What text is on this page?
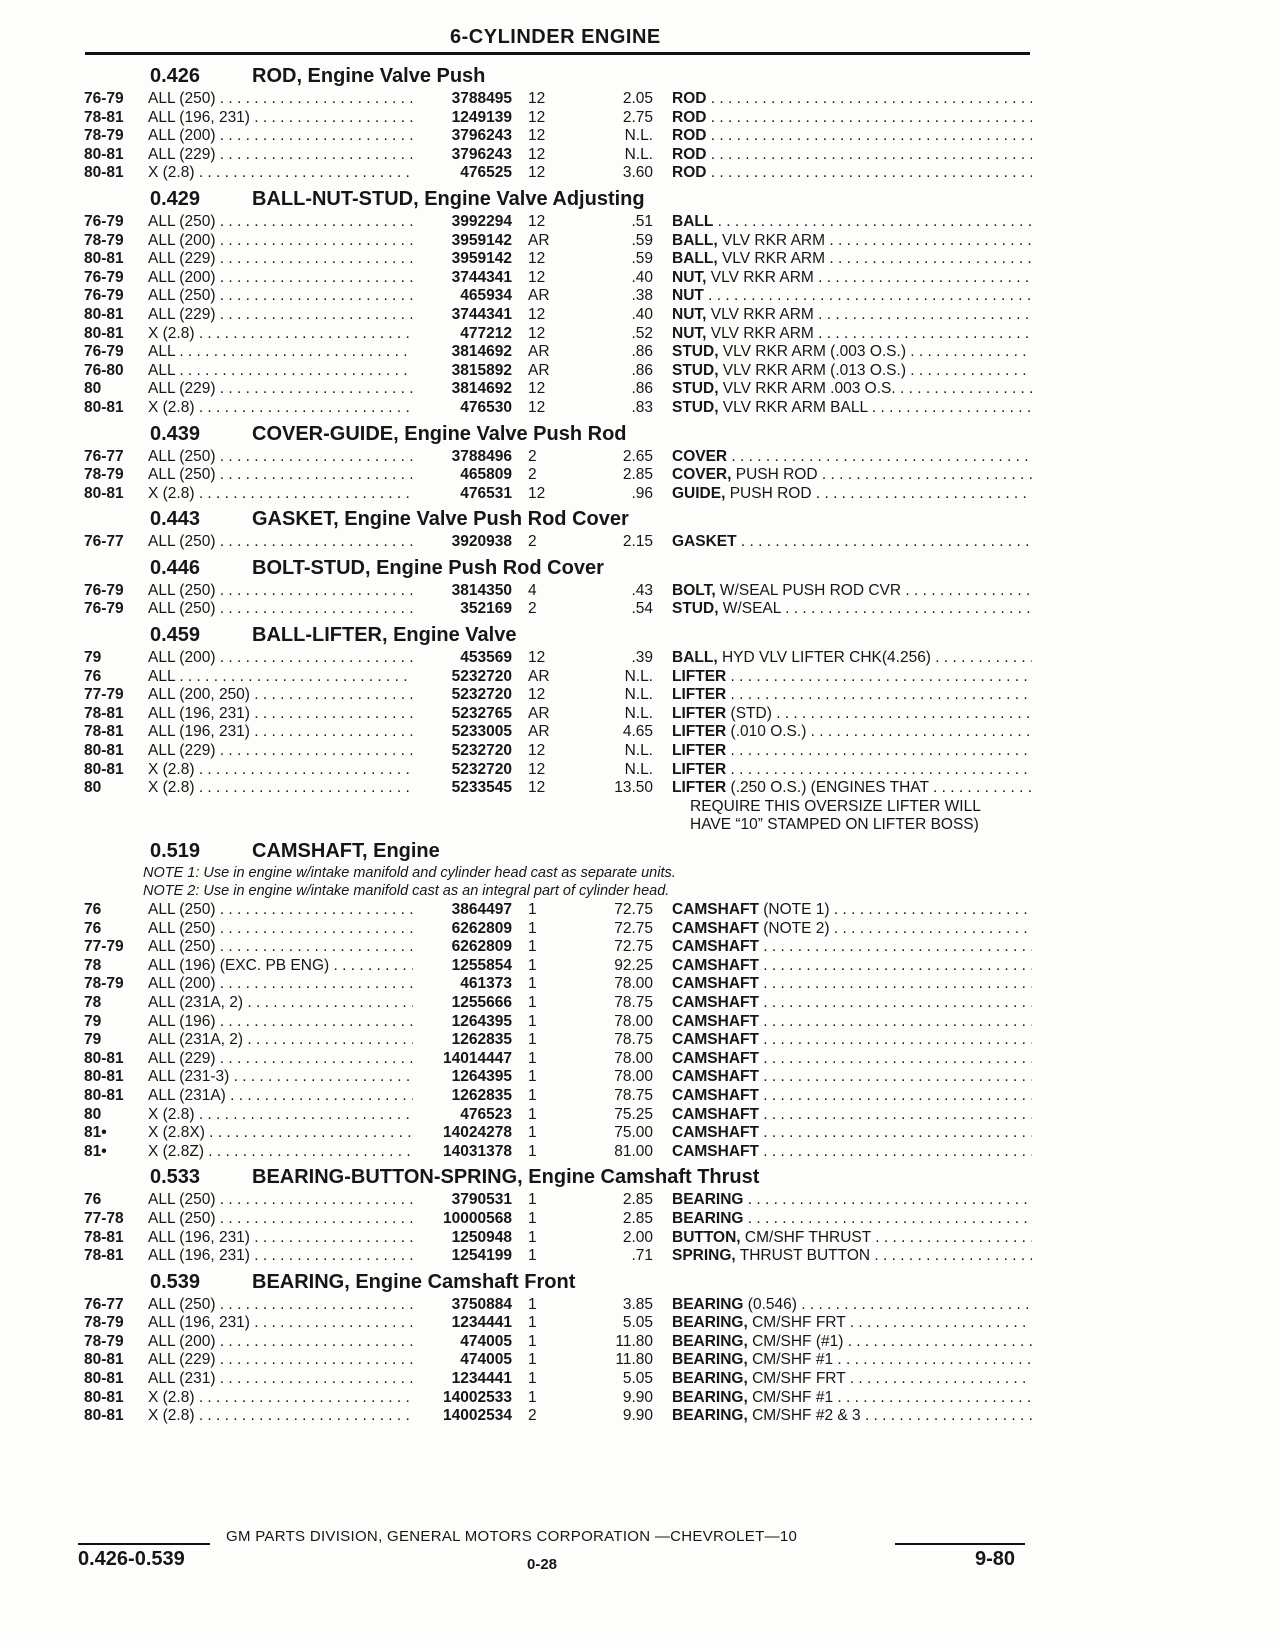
6-CYLINDER ENGINE
0.426	ROD, Engine Valve Push
76-79 ALL (250) . . .	3788495 12	2.05 ROD . . .
78-81 ALL (196, 231) . . .	1249139 12	2.75 ROD . . .
78-79 ALL (200) . . .	3796243 12	N.L. ROD . . .
80-81 ALL (229) . . .	3796243 12	N.L. ROD . . .
80-81 X (2.8) . . .	476525 12	3.60 ROD . . .
0.429	BALL-NUT-STUD, Engine Valve Adjusting
76-79 ALL (250) . . .	3992294 12	.51 BALL . . .
78-79 ALL (200) . . .	3959142 AR	.59 BALL, VLV RKR ARM . . .
80-81 ALL (229) . . .	3959142 12	.59 BALL, VLV RKR ARM . . .
76-79 ALL (200) . . .	3744341 12	.40 NUT, VLV RKR ARM . . .
76-79 ALL (250) . . .	465934 AR	.38 NUT . . .
80-81 ALL (229) . . .	3744341 12	.40 NUT, VLV RKR ARM . . .
80-81 X (2.8) . . .	477212 12	.52 NUT, VLV RKR ARM . . .
76-79 ALL . . .	3814692 AR	.86 STUD, VLV RKR ARM (.003 O.S.) . . .
76-80 ALL . . .	3815892 AR	.86 STUD, VLV RKR ARM (.013 O.S.) . . .
80	ALL (229) . . .	3814692 12	.86 STUD, VLV RKR ARM .003 O.S. . . .
80-81 X (2.8) . . .	476530 12	.83 STUD, VLV RKR ARM BALL . . .
0.439	COVER-GUIDE, Engine Valve Push Rod
76-77 ALL (250) . . .	3788496 2	2.65 COVER . . .
78-79 ALL (250) . . .	465809 2	2.85 COVER, PUSH ROD . . .
80-81 X (2.8) . . .	476531 12	.96 GUIDE, PUSH ROD . . .
0.443	GASKET, Engine Valve Push Rod Cover
76-77 ALL (250) . . .	3920938 2	2.15 GASKET . . .
0.446	BOLT-STUD, Engine Push Rod Cover
76-79 ALL (250) . . .	3814350 4	.43 BOLT, W/SEAL PUSH ROD CVR . . .
76-79 ALL (250) . . .	352169 2	.54 STUD, W/SEAL . . .
0.459	BALL-LIFTER, Engine Valve
79	ALL (200) . . .	453569 12	.39 BALL, HYD VLV LIFTER CHK(4.256) . . .
76	ALL . . .	5232720 AR	N.L. LIFTER . . .
77-79 ALL (200, 250) . . .	5232720 12	N.L. LIFTER . . .
78-81 ALL (196, 231) . . .	5232765 AR	N.L. LIFTER (STD) . . .
78-81 ALL (196, 231) . . .	5233005 AR	4.65 LIFTER (.010 O.S.) . . .
80-81 ALL (229) . . .	5232720 12	N.L. LIFTER . . .
80-81 X (2.8) . . .	5232720 12	N.L. LIFTER . . .
80	X (2.8) . . .	5233545 12	13.50 LIFTER (.250 O.S.) (ENGINES THAT . . .
REQUIRE THIS OVERSIZE LIFTER WILL
HAVE “10” STAMPED ON LIFTER BOSS)
0.519	CAMSHAFT, Engine
NOTE 1: Use in engine w/intake manifold and cylinder head cast as separate units.
NOTE 2: Use in engine w/intake manifold cast as an integral part of cylinder head.
76	ALL (250) . . .	3864497 1	72.75 CAMSHAFT (NOTE 1) . . .
76	ALL (250) . . .	6262809 1	72.75 CAMSHAFT (NOTE 2) . . .
77-79 ALL (250) . . .	6262809 1	72.75 CAMSHAFT . . .
78	ALL (196) (EXC. PB ENG) . . .	1255854 1	92.25 CAMSHAFT . . .
78-79 ALL (200) . . .	461373 1	78.00 CAMSHAFT . . .
78	ALL (231A, 2) . . .	1255666 1	78.75 CAMSHAFT . . .
79	ALL (196) . . .	1264395 1	78.00 CAMSHAFT . . .
79	ALL (231A, 2) . . .	1262835 1	78.75 CAMSHAFT . . .
80-81 ALL (229) . . .	14014447 1	78.00 CAMSHAFT . . .
80-81 ALL (231-3) . . .	1264395 1	78.00 CAMSHAFT . . .
80-81 ALL (231A) . . .	1262835 1	78.75 CAMSHAFT . . .
80	X (2.8) . . .	476523 1	75.25 CAMSHAFT . . .
81•	X (2.8X) . . .	14024278 1	75.00 CAMSHAFT . . .
81•	X (2.8Z) . . .	14031378 1	81.00 CAMSHAFT . . .
0.533	BEARING-BUTTON-SPRING, Engine Camshaft Thrust
76	ALL (250) . . .	3790531 1	2.85 BEARING . . .
77-78 ALL (250) . . .	10000568 1	2.85 BEARING . . .
78-81 ALL (196, 231) . . .	1250948 1	2.00 BUTTON, CM/SHF THRUST . . .
78-81 ALL (196, 231) . . .	1254199 1	.71 SPRING, THRUST BUTTON . . .
0.539	BEARING, Engine Camshaft Front
76-77 ALL (250) . . .	3750884 1	3.85 BEARING (0.546) . . .
78-79 ALL (196, 231) . . .	1234441 1	5.05 BEARING, CM/SHF FRT . . .
78-79 ALL (200) . . .	474005 1	11.80 BEARING, CM/SHF (#1) . . .
80-81 ALL (229) . . .	474005 1	11.80 BEARING, CM/SHF #1 . . .
80-81 ALL (231) . . .	1234441 1	5.05 BEARING, CM/SHF FRT . . .
80-81 X (2.8) . . .	14002533 1	9.90 BEARING, CM/SHF #1 . . .
80-81 X (2.8) . . .	14002534 2	9.90 BEARING, CM/SHF #2 & 3 . . .
GM PARTS DIVISION, GENERAL MOTORS CORPORATION —CHEVROLET—10
0.426-0.539	0-28	9-80
